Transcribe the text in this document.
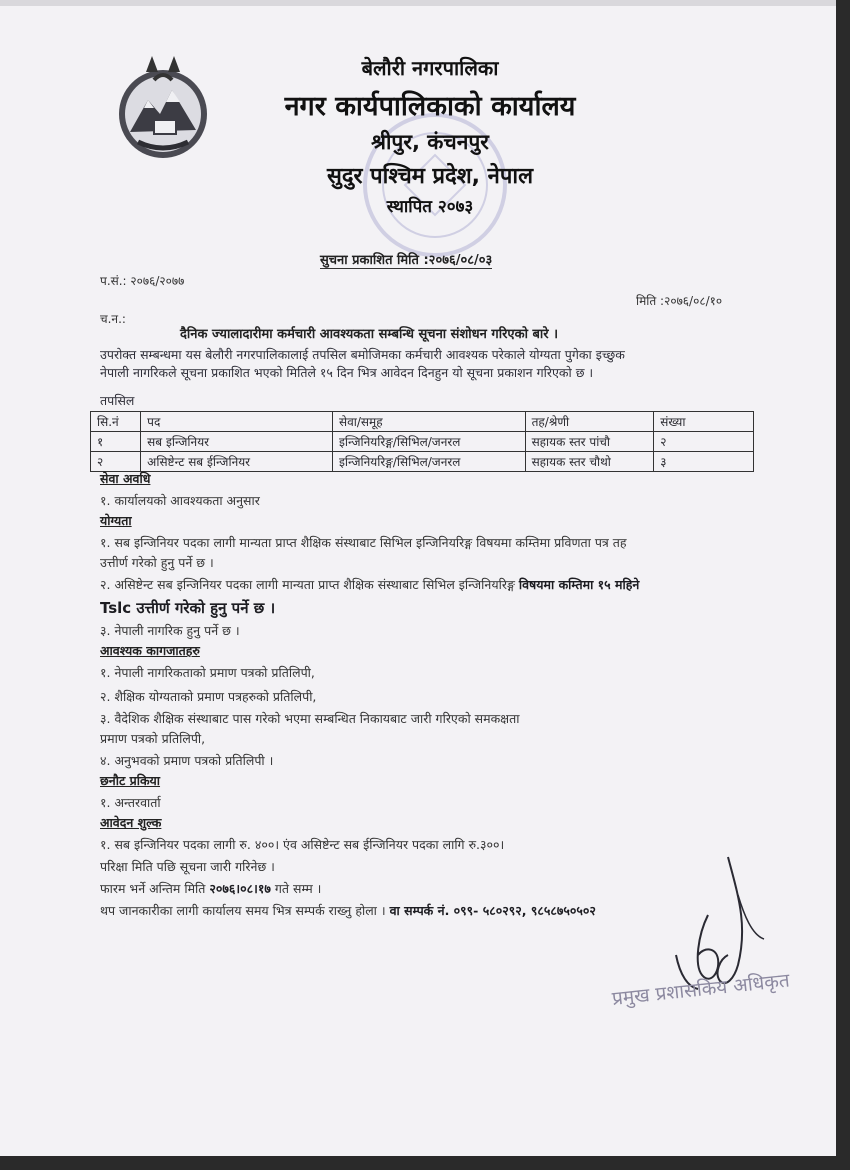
बेलौरी नगरपालिका

नगर कार्यपालिकाको कार्यालय

श्रीपुर, कंचनपुर

सुदुर पश्चिम प्रदेश, नेपाल

स्थापित २०७३

सुचना प्रकाशित मिति :२०७६/०८/०३
प.सं.: २०७६/२०७७
मिति :२०७६/०८/१०
च.न.:
दैनिक ज्यालादारीमा कर्मचारी आवश्यकता सम्बन्धि सूचना संशोधन गरिएको बारे ।

उपरोक्त सम्बन्धमा यस बेलौरी नगरपालिकालाई तपसिल बमोजिमका कर्मचारी आवश्यक परेकाले योग्यता पुगेका इच्छुक
नेपाली नागरिकले सूचना प्रकाशित भएको मितिले १५ दिन भित्र आवेदन दिनहुन यो सूचना प्रकाशन गरिएको छ ।

तपसिल

सि.नं	पद	सेवा/समूह	तह/श्रेणी	संख्या
१	सब इन्जिनियर	इन्जिनियरिङ्ग/सिभिल/जनरल	सहायक स्तर पांचौ	२
२	असिष्टेन्ट सब ईन्जिनियर	इन्जिनियरिङ्ग/सिभिल/जनरल	सहायक स्तर चौथो	३

सेवा अवधि

१. कार्यालयको आवश्यकता अनुसार

योग्यता

१. सब इन्जिनियर पदका लागी मान्यता प्राप्त शैक्षिक संस्थाबाट सिभिल इन्जिनियरिङ्ग विषयमा कम्तिमा प्रविणता पत्र तह

उत्तीर्ण गरेको हुनु पर्ने छ ।

२. असिष्टेन्ट सब इन्जिनियर पदका लागी मान्यता प्राप्त शैक्षिक संस्थाबाट सिभिल इन्जिनियरिङ्ग विषयमा कम्तिमा १५ महिने

Tslc उत्तीर्ण गरेको हुनु पर्ने छ ।

३. नेपाली नागरिक हुनु पर्ने छ ।

आवश्यक कागजातहरु

१. नेपाली नागरिकताको प्रमाण पत्रको प्रतिलिपी,

२. शैक्षिक योग्यताको प्रमाण पत्रहरुको प्रतिलिपी,

३. वैदेशिक शैक्षिक संस्थाबाट पास गरेको भएमा सम्बन्धित निकायबाट जारी गरिएको समकक्षता

प्रमाण पत्रको प्रतिलिपी,

४. अनुभवको प्रमाण पत्रको प्रतिलिपी ।

छनौट प्रकिया

१. अन्तरवार्ता

आवेदन शुल्क

१. सब इन्जिनियर पदका लागी रु. ४००। एंव असिष्टेन्ट सब ईन्जिनियर पदका लागि रु.३००।

परिक्षा मिति पछि सूचना जारी गरिनेछ ।

फारम भर्ने अन्तिम मिति २०७६।०८।१७ गते सम्म ।

थप जानकारीका लागी कार्यालय समय भित्र सम्पर्क राख्नु होला । वा सम्पर्क नं. ०९९- ५८०२९२, ९८५८७५०५०२

प्रमुख प्रशासकिय अधिकृत
